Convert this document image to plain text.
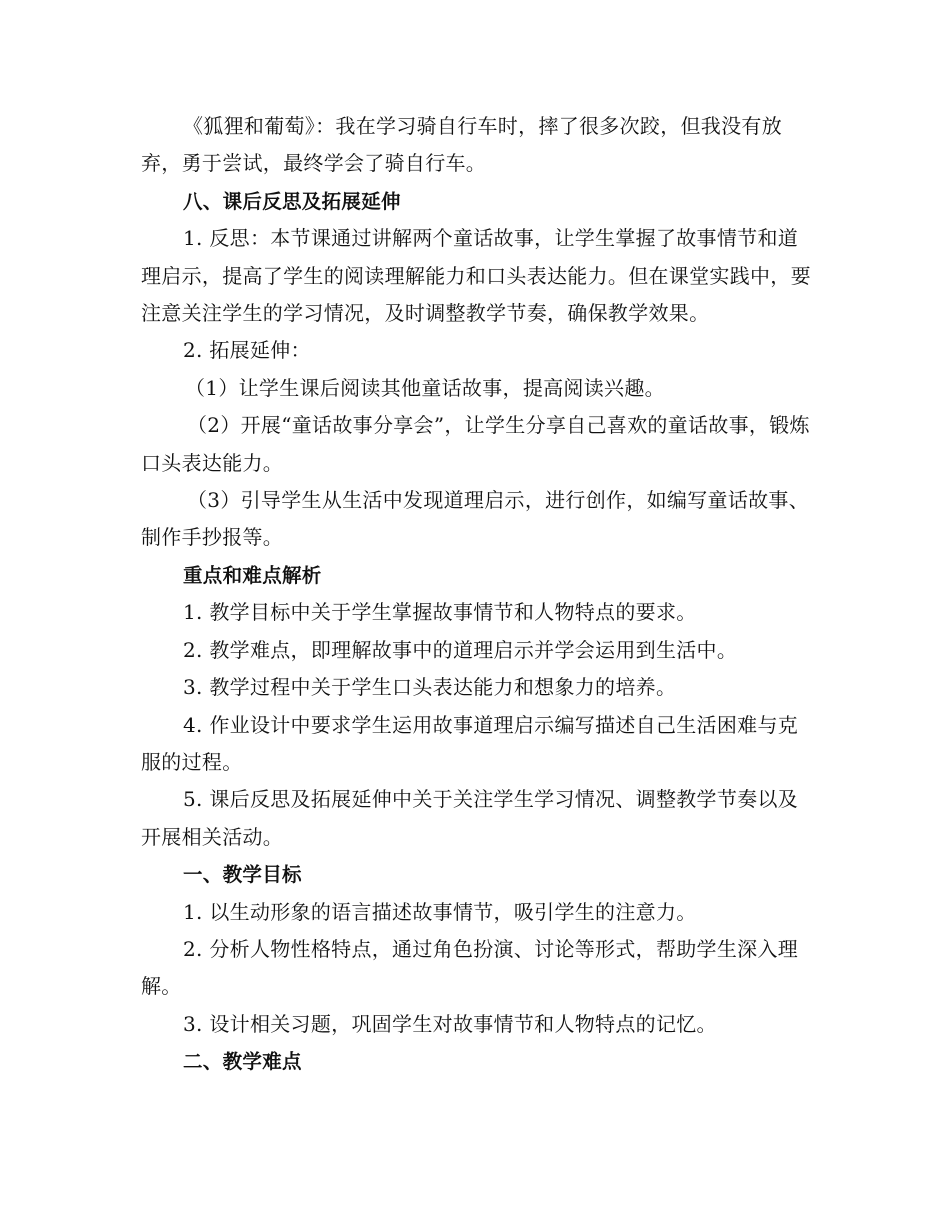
《狐狸和葡萄》：我在学习骑自行车时，摔了很多次跤，但我没有放弃，勇于尝试，最终学会了骑自行车。

八、课后反思及拓展延伸

1. 反思：本节课通过讲解两个童话故事，让学生掌握了故事情节和道理启示，提高了学生的阅读理解能力和口头表达能力。但在课堂实践中，要注意关注学生的学习情况，及时调整教学节奏，确保教学效果。

2. 拓展延伸：

（1）让学生课后阅读其他童话故事，提高阅读兴趣。

（2）开展“童话故事分享会”，让学生分享自己喜欢的童话故事，锻炼口头表达能力。

（3）引导学生从生活中发现道理启示，进行创作，如编写童话故事、制作手抄报等。

重点和难点解析

1. 教学目标中关于学生掌握故事情节和人物特点的要求。

2. 教学难点，即理解故事中的道理启示并学会运用到生活中。

3. 教学过程中关于学生口头表达能力和想象力的培养。

4. 作业设计中要求学生运用故事道理启示编写描述自己生活困难与克服的过程。

5. 课后反思及拓展延伸中关于关注学生学习情况、调整教学节奏以及开展相关活动。

一、教学目标

1. 以生动形象的语言描述故事情节，吸引学生的注意力。

2. 分析人物性格特点，通过角色扮演、讨论等形式，帮助学生深入理解。

3. 设计相关习题，巩固学生对故事情节和人物特点的记忆。

二、教学难点
